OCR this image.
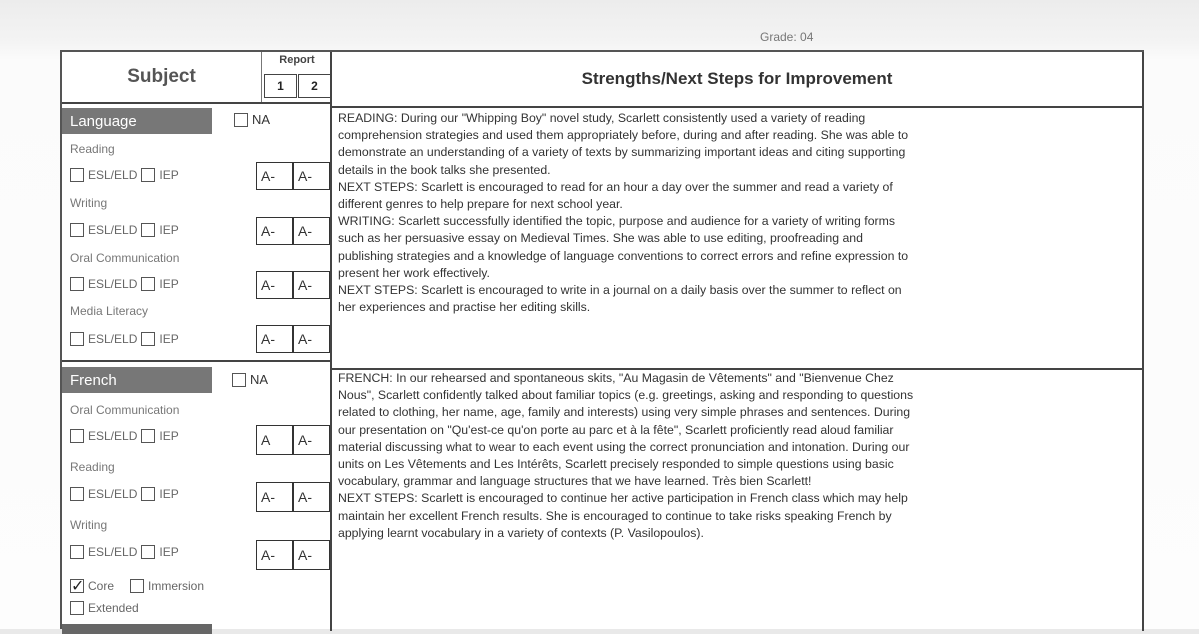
Grade: 04
Subject
Report
1	2
Language	NA
Reading
ESL/ELD IEP	A-	A-
Writing
ESL/ELD IEP	A-	A-
Oral Communication
ESL/ELD IEP	A-	A-
Media Literacy
ESL/ELD IEP	A-	A-
French	NA
Oral Communication
ESL/ELD IEP	A	A-
Reading
ESL/ELD IEP	A-	A-
Writing
ESL/ELD IEP	A-	A-
✓
Core	Immersion
Extended
Strengths/Next Steps for Improvement
READING: During our "Whipping Boy" novel study, Scarlett consistently used a variety of reading
comprehension strategies and used them appropriately before, during and after reading. She was able to
demonstrate an understanding of a variety of texts by summarizing important ideas and citing supporting
details in the book talks she presented.
NEXT STEPS: Scarlett is encouraged to read for an hour a day over the summer and read a variety of
different genres to help prepare for next school year.
WRITING: Scarlett successfully identified the topic, purpose and audience for a variety of writing forms
such as her persuasive essay on Medieval Times. She was able to use editing, proofreading and
publishing strategies and a knowledge of language conventions to correct errors and refine expression to
present her work effectively.
NEXT STEPS: Scarlett is encouraged to write in a journal on a daily basis over the summer to reflect on
her experiences and practise her editing skills.
FRENCH: In our rehearsed and spontaneous skits, "Au Magasin de Vêtements" and "Bienvenue Chez
Nous", Scarlett confidently talked about familiar topics (e.g. greetings, asking and responding to questions
related to clothing, her name, age, family and interests) using very simple phrases and sentences. During
our presentation on "Qu'est-ce qu'on porte au parc et à la fête", Scarlett proficiently read aloud familiar
material discussing what to wear to each event using the correct pronunciation and intonation. During our
units on Les Vêtements and Les Intérêts, Scarlett precisely responded to simple questions using basic
vocabulary, grammar and language structures that we have learned. Très bien Scarlett!
NEXT STEPS: Scarlett is encouraged to continue her active participation in French class which may help
maintain her excellent French results. She is encouraged to continue to take risks speaking French by
applying learnt vocabulary in a variety of contexts (P. Vasilopoulos).
